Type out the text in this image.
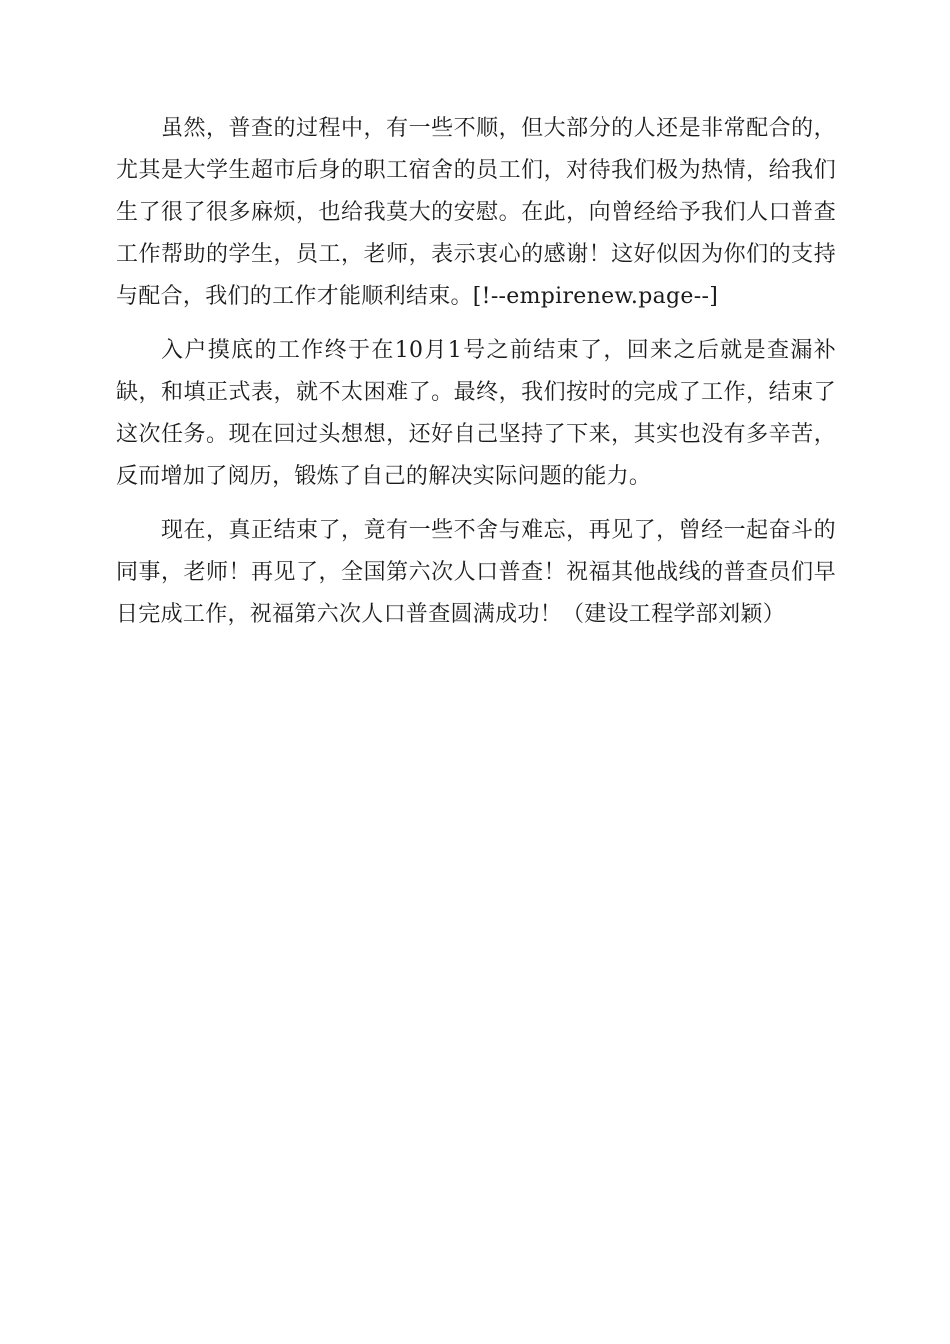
虽然，普查的过程中，有一些不顺，但大部分的人还是非常配合的，尤其是大学生超市后身的职工宿舍的员工们，对待我们极为热情，给我们生了很了很多麻烦，也给我莫大的安慰。在此，向曾经给予我们人口普查工作帮助的学生，员工，老师，表示衷心的感谢！这好似因为你们的支持与配合，我们的工作才能顺利结束。[!--empirenew.page--]

入户摸底的工作终于在10月1号之前结束了，回来之后就是查漏补缺，和填正式表，就不太困难了。最终，我们按时的完成了工作，结束了这次任务。现在回过头想想，还好自己坚持了下来，其实也没有多辛苦，反而增加了阅历，锻炼了自己的解决实际问题的能力。

现在，真正结束了，竟有一些不舍与难忘，再见了，曾经一起奋斗的同事，老师！再见了，全国第六次人口普查！祝福其他战线的普查员们早日完成工作，祝福第六次人口普查圆满成功！（建设工程学部刘颖）
